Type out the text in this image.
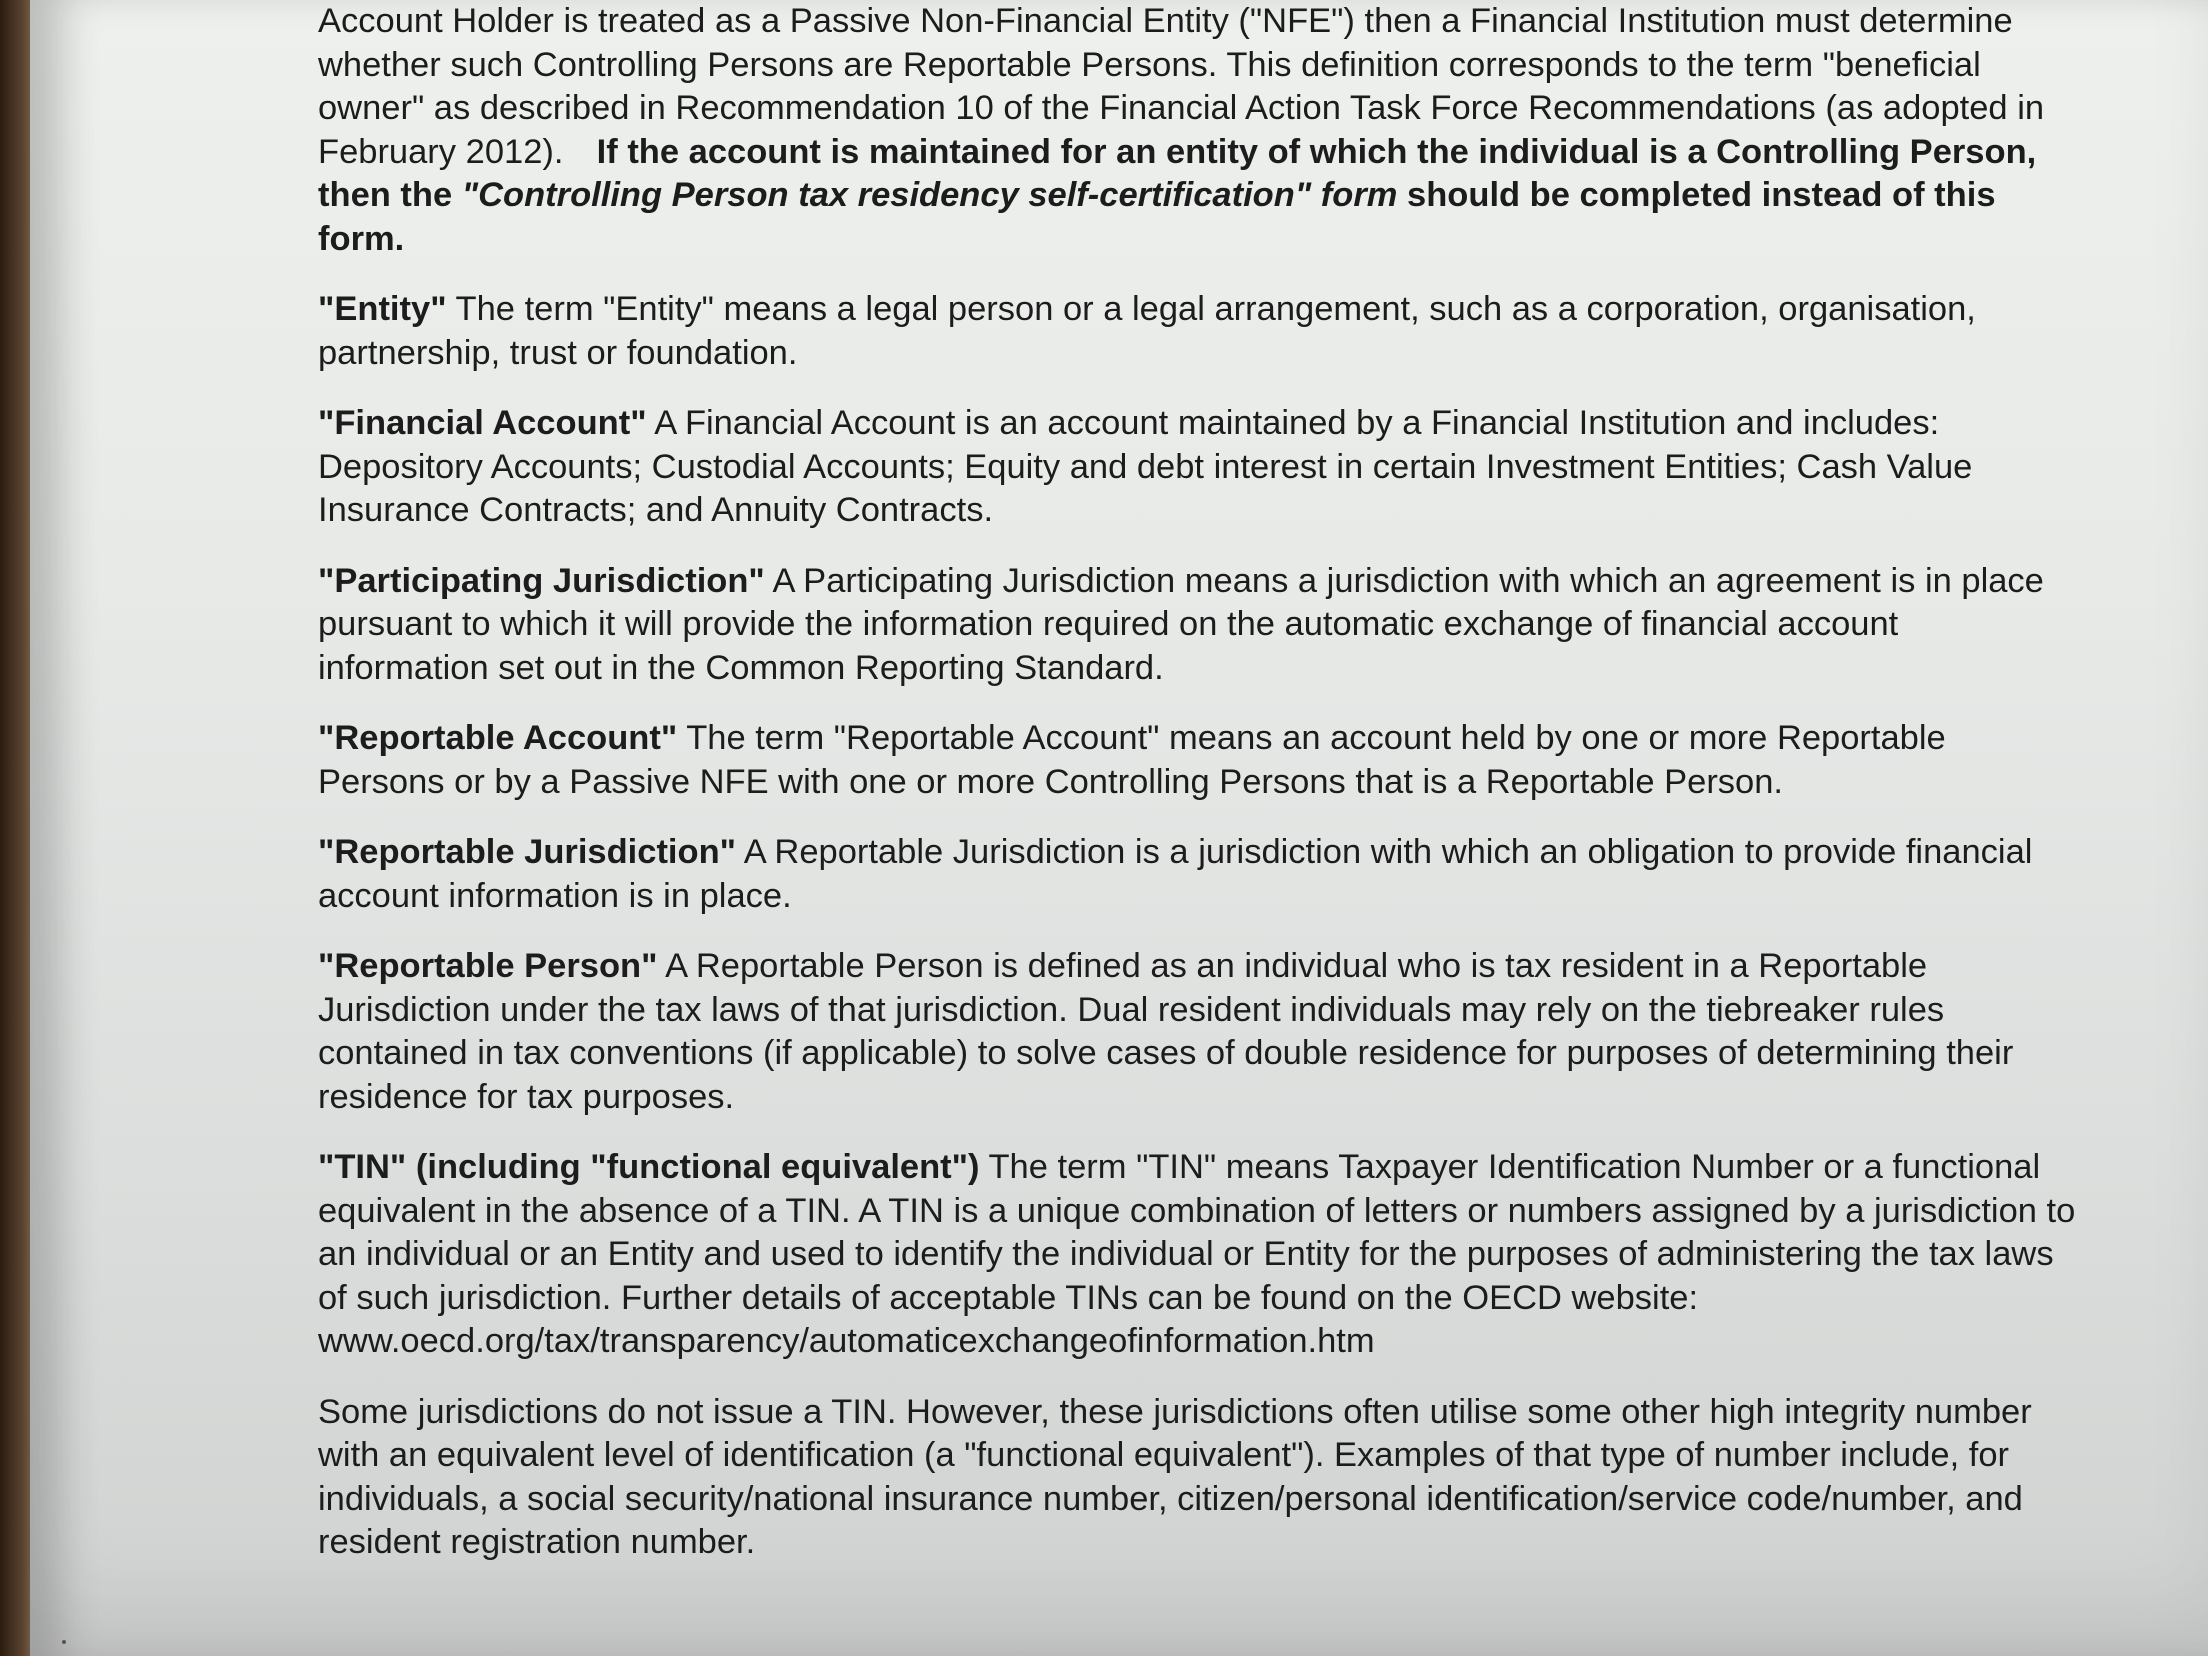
Account Holder is treated as a Passive Non-Financial Entity ("NFE") then a Financial Institution must determine whether such Controlling Persons are Reportable Persons. This definition corresponds to the term "beneficial owner" as described in Recommendation 10 of the Financial Action Task Force Recommendations (as adopted in February 2012). If the account is maintained for an entity of which the individual is a Controlling Person, then the "Controlling Person tax residency self-certification" form should be completed instead of this form.

"Entity" The term "Entity" means a legal person or a legal arrangement, such as a corporation, organisation, partnership, trust or foundation.

"Financial Account" A Financial Account is an account maintained by a Financial Institution and includes: Depository Accounts; Custodial Accounts; Equity and debt interest in certain Investment Entities; Cash Value Insurance Contracts; and Annuity Contracts.

"Participating Jurisdiction" A Participating Jurisdiction means a jurisdiction with which an agreement is in place pursuant to which it will provide the information required on the automatic exchange of financial account information set out in the Common Reporting Standard.

"Reportable Account" The term "Reportable Account" means an account held by one or more Reportable Persons or by a Passive NFE with one or more Controlling Persons that is a Reportable Person.

"Reportable Jurisdiction" A Reportable Jurisdiction is a jurisdiction with which an obligation to provide financial account information is in place.

"Reportable Person" A Reportable Person is defined as an individual who is tax resident in a Reportable Jurisdiction under the tax laws of that jurisdiction. Dual resident individuals may rely on the tiebreaker rules contained in tax conventions (if applicable) to solve cases of double residence for purposes of determining their residence for tax purposes.

"TIN" (including "functional equivalent") The term "TIN" means Taxpayer Identification Number or a functional equivalent in the absence of a TIN. A TIN is a unique combination of letters or numbers assigned by a jurisdiction to an individual or an Entity and used to identify the individual or Entity for the purposes of administering the tax laws of such jurisdiction. Further details of acceptable TINs can be found on the OECD website: www.oecd.org/tax/transparency/automaticexchangeofinformation.htm

Some jurisdictions do not issue a TIN. However, these jurisdictions often utilise some other high integrity number with an equivalent level of identification (a "functional equivalent"). Examples of that type of number include, for individuals, a social security/national insurance number, citizen/personal identification/service code/number, and resident registration number.
